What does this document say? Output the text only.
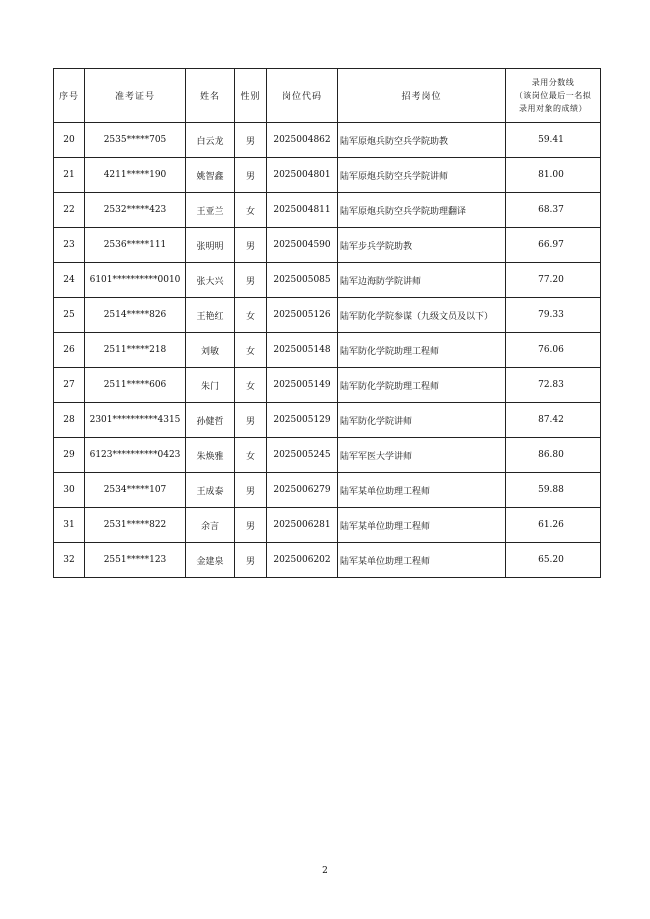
序号	准考证号	姓名	性别	岗位代码	招考岗位	录用分数线
（该岗位最后一名拟
录用对象的成绩）

20	2535*****705	白云龙	男	2025004862	陆军原炮兵防空兵学院助教	59.41
21	4211*****190	姚智鑫	男	2025004801	陆军原炮兵防空兵学院讲师	81.00
22	2532*****423	王亚兰	女	2025004811	陆军原炮兵防空兵学院助理翻译	68.37
23	2536*****111	张明明	男	2025004590	陆军步兵学院助教	66.97
24	6101**********0010	张大兴	男	2025005085	陆军边海防学院讲师	77.20
25	2514*****826	王艳红	女	2025005126	陆军防化学院参谋（九级文员及以下）	79.33
26	2511*****218	刘敏	女	2025005148	陆军防化学院助理工程师	76.06
27	2511*****606	朱门	女	2025005149	陆军防化学院助理工程师	72.83
28	2301**********4315	孙健哲	男	2025005129	陆军防化学院讲师	87.42
29	6123**********0423	朱焕雅	女	2025005245	陆军军医大学讲师	86.80
30	2534*****107	王成泰	男	2025006279	陆军某单位助理工程师	59.88
31	2531*****822	余言	男	2025006281	陆军某单位助理工程师	61.26
32	2551*****123	金建泉	男	2025006202	陆军某单位助理工程师	65.20
2
